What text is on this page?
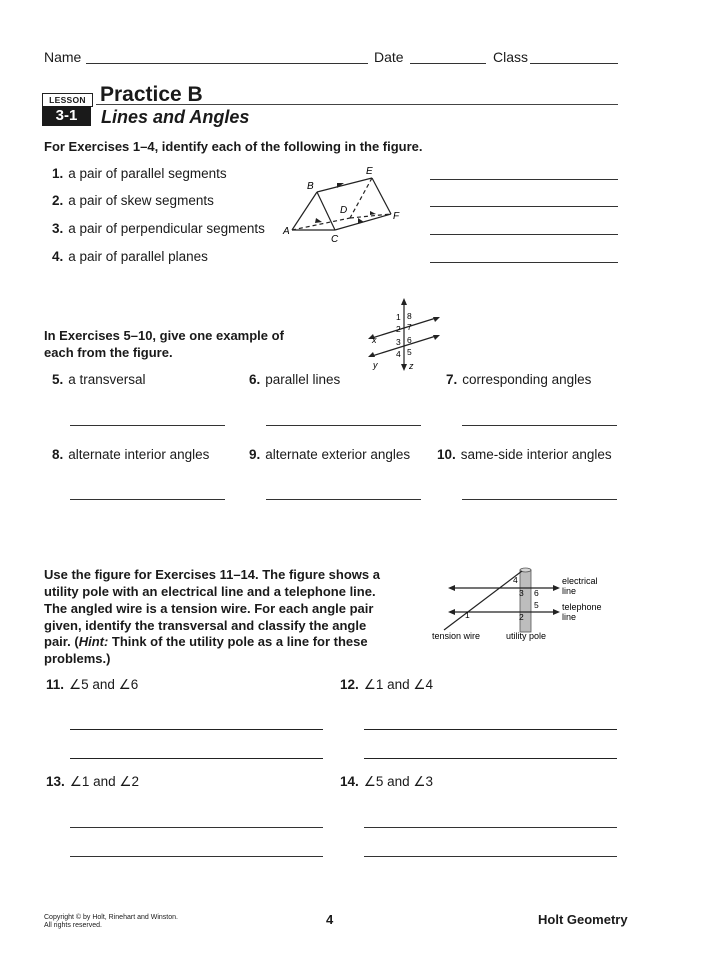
Name	Date	Class
LESSON
3-1
Practice B
Lines and Angles
For Exercises 1–4, identify each of the following in the figure.
1. a pair of parallel segments
2. a pair of skew segments
3. a pair of perpendicular segments
4. a pair of parallel planes
A
B
C
D
E
F
In Exercises 5–10, give one example of
each from the figure.
1 8
2 7
3 6
4 5
x
y	z
5. a transversal	6. parallel lines	7. corresponding angles
8. alternate interior angles	9. alternate exterior angles 10. same-side interior angles
Use the figure for Exercises 11–14. The figure shows a
utility pole with an electrical line and a telephone line.
The angled wire is a tension wire. For each angle pair
given, identify the transversal and classify the angle
pair. (Hint: Think of the utility pole as a line for these
problems.)
4
3 6
5
1	2
electrical
line
telephone
line
tension wire	utility pole
11. ∠5 and ∠6	12. ∠1 and ∠4
13. ∠1 and ∠2	14. ∠5 and ∠3
Copyright © by Holt, Rinehart and Winston.
All rights reserved.	4	Holt Geometry
